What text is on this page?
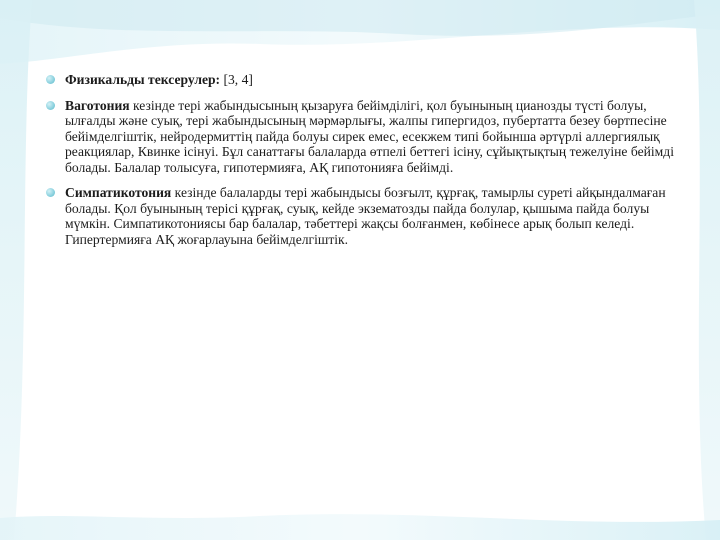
Физикальды тексерулер: [3, 4]
Ваготония кезінде тері жабындысының қызаруға бейімділігі, қол буынының цианозды түсті болуы, ылғалды және суық, тері жабындысының мәрмәрлығы, жалпы гипергидоз, пубертатта безеу бөртпесіне бейімделгіштік, нейродермиттің пайда болуы сирек емес, есекжем типі бойынша әртүрлі аллергиялық реакциялар, Квинке ісінуі. Бұл санаттағы балаларда өтпелі беттегі ісіну, сұйықтықтың тежелуіне бейімді болады. Балалар толысуға, гипотермияға, АҚ гипотонияға бейімді.
Симпатикотония кезінде балаларды тері жабындысы бозғылт, құрғақ, тамырлы суреті айқындалмаған болады. Қол буынының терісі құрғақ, суық, кейде экзематозды пайда болулар, қышыма пайда болуы мүмкін. Симпатикотониясы бар балалар, тәбеттері жақсы болғанмен, көбінесе арық болып келеді. Гипертермияға АҚ жоғарлауына бейімделгіштік.
